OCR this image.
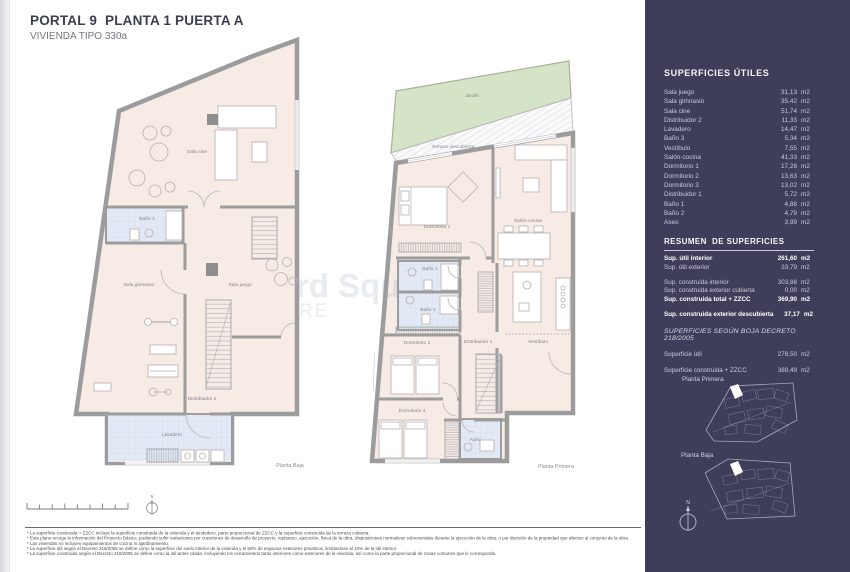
PORTAL 9  PLANTA 1 PUERTA A
VIVIENDA TIPO 330a
Sala cine
Baño 3
Sala gimnasio	Sala juego
Distribuidor 2
Lavadero
Planta Baja
Jardín
Terraza descubierta
Dormitorio 1
Salón-cocina
Baño 1
Baño 2
Dormitorio 2	Distribuidor 1	Vestíbulo
Dormitorio 3
Aseo
Planta Primera
N
rd Squ
RE
* La superficie construida + ZZCC incluye la superficie construida de la vivienda y el tendedero, parte proporcional de ZZCC y la superficie construida de la terraza cubierta.
* Este plano recoge la información del Proyecto Básico, pudiendo sufrir variaciones por cuestiones de desarrollo de proyecto, replanteo, ejecución, física de la obra, disposiciones normativas sobrevenidas durante la ejecución de la obra, o por decisión de la propiedad que afecten al conjunto de la obra.
* Las viviendas no incluyen equipamientos de cocina ni ajardinamiento.
* La superficie útil según el Decreto 218/2005 se define como la superficie del suelo interior de la vivienda y el 50% de espacios exteriores privativos, limitándose al 10% de la útil interior.
* La superficie construida según el Decreto 218/2005 se define como la útil antes citada, incluyendo los cerramientos tanto interiores como exteriores de la vivienda, así como la parte proporcional de zonas comunes que le corresponda.
SUPERFICIES ÚTILES
Sala juego	31,13 m2
Sala gimnasio	35,42 m2
Sala cine	51,74 m2
Distribuidor 2	11,33 m2
Lavadero	14,47 m2
Baño 3	5,34 m2
Vestíbulo	7,55 m2
Salón-cocina	41,33 m2
Dormitorio 1	17,26 m2
Dormitorio 2	13,63 m2
Dormitorio 3	13,02 m2
Distribuidor 1	5,72 m2
Baño 1	4,88 m2
Baño 2	4,79 m2
Aseo	3,99 m2
RESUMEN  DE SUPERFICIES
Sup. útil interior	261,60 m2
Sup. útil exterior	33,79 m2
Sup. construida interior	303,88 m2
Sup. construida exterior cubierta	0,00 m2
Sup. construida total + ZZCC	369,90 m2
Sup. construida exterior descubierta	37,17 m2
SUPERFICIES SEGÚN BOJA DECRETO 218/2005
Superficie útil	278,50 m2
Superficie construida + ZZCC	388,49 m2
Planta Primera
Planta Baja
N
